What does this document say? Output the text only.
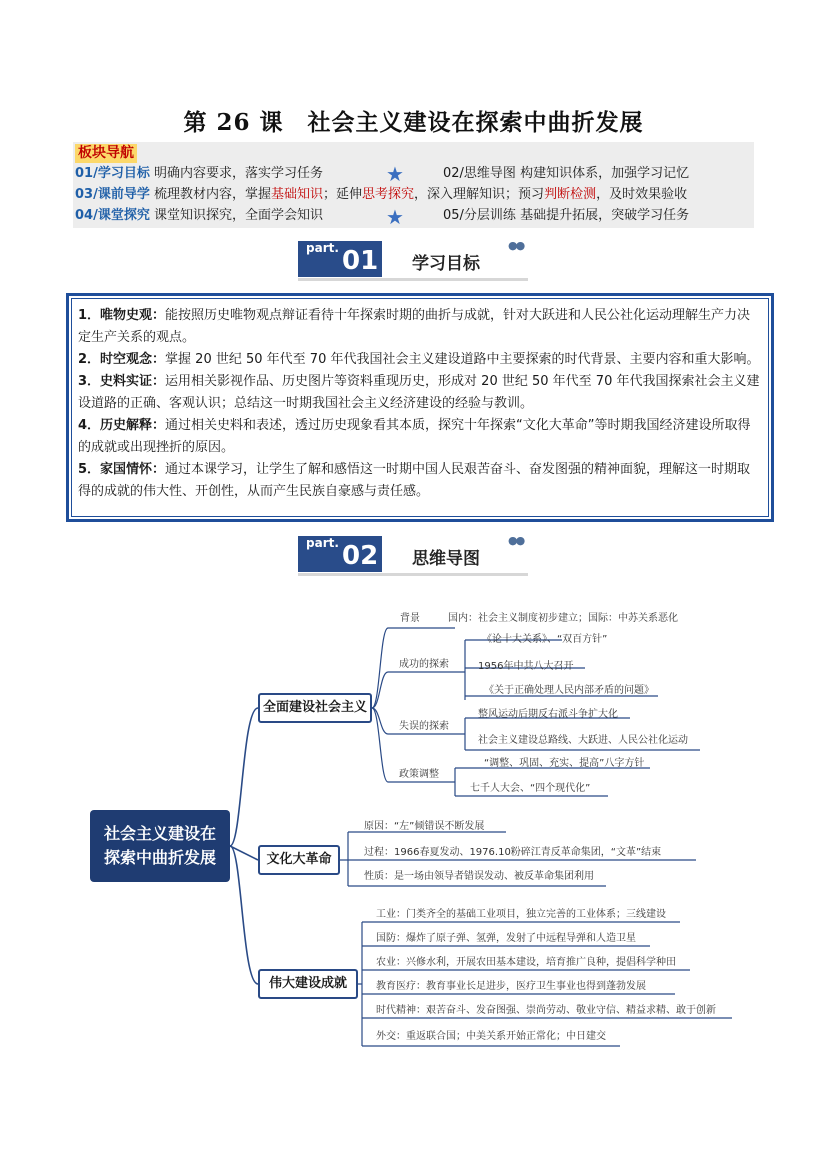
第 26 课　社会主义建设在探索中曲折发展
板块导航
01/学习目标 明确内容要求，落实学习任务	★	02/思维导图 构建知识体系，加强学习记忆
03/课前导学 梳理教材内容，掌握基础知识；延伸思考探究，深入理解知识；预习判断检测，及时效果验收
04/课堂探究 课堂知识探究，全面学会知识	★	05/分层训练 基础提升拓展，突破学习任务
part. 01 学习目标
●●

1．唯物史观：能按照历史唯物观点辩证看待十年探索时期的曲折与成就，针对大跃进和人民公社化运动理解生产力决定生产关系的观点。

2．时空观念：掌握 20 世纪 50 年代至 70 年代我国社会主义建设道路中主要探索的时代背景、主要内容和重大影响。

3．史料实证：运用相关影视作品、历史图片等资料重现历史，形成对 20 世纪 50 年代至 70 年代我国探索社会主义建设道路的正确、客观认识；总结这一时期我国社会主义经济建设的经验与教训。

4．历史解释：通过相关史料和表述，透过历史现象看其本质，探究十年探索“文化大革命”等时期我国经济建设所取得的成就或出现挫折的原因。

5．家国情怀：通过本课学习，让学生了解和感悟这一时期中国人民艰苦奋斗、奋发图强的精神面貌，理解这一时期取得的成就的伟大性、开创性，从而产生民族自豪感与责任感。

part. 02 思维导图
●●
社会主义建设在
探索中曲折发展
全面建设社会主义
文化大革命
伟大建设成就
背景	国内：社会主义制度初步建立；国际：中苏关系恶化
成功的探索
《论十大关系》、“双百方针”
1956年中共八大召开
《关于正确处理人民内部矛盾的问题》
失误的探索
整风运动后期反右派斗争扩大化
社会主义建设总路线、大跃进、人民公社化运动
政策调整
“调整、巩固、充实、提高”八字方针
七千人大会、“四个现代化”
原因：“左”倾错误不断发展
过程：1966春夏发动、1976.10粉碎江青反革命集团，“文革”结束
性质：是一场由领导者错误发动、被反革命集团利用
工业：门类齐全的基础工业项目，独立完善的工业体系；三线建设
国防：爆炸了原子弹、氢弹，发射了中远程导弹和人造卫星
农业：兴修水利，开展农田基本建设，培育推广良种，提倡科学种田
教育医疗：教育事业长足进步，医疗卫生事业也得到蓬勃发展
时代精神：艰苦奋斗、发奋图强、崇尚劳动、敬业守信、精益求精、敢于创新
外交：重返联合国；中美关系开始正常化；中日建交
